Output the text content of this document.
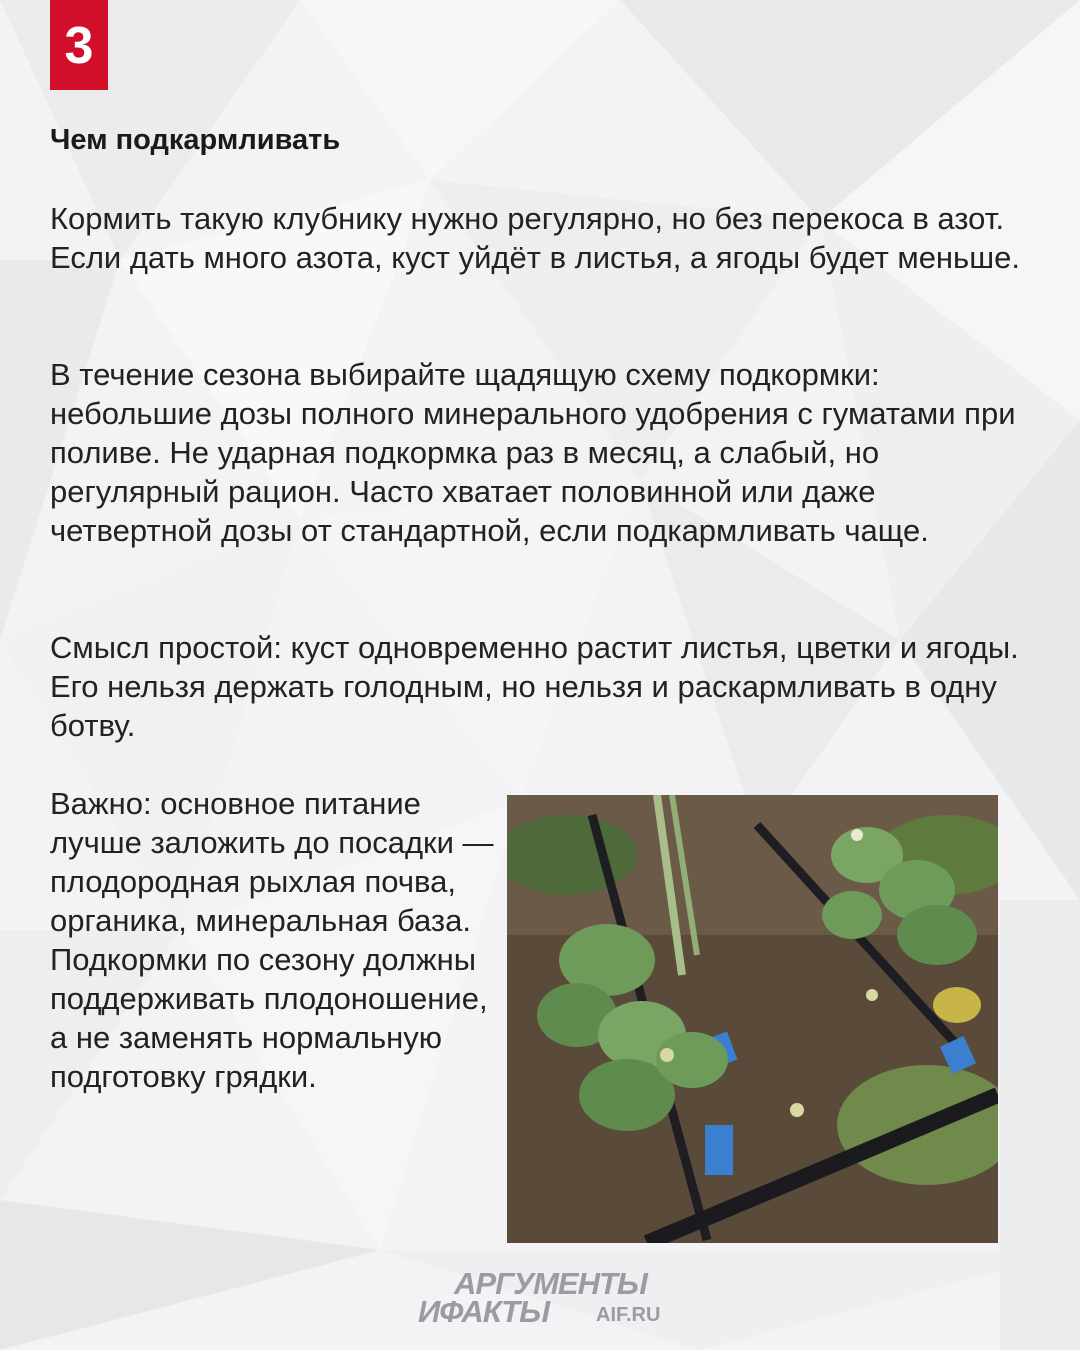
3
Чем подкармливать

Кормить такую клубнику нужно регулярно, но без перекоса в азот. Если дать много азота, куст уйдёт в листья, а ягоды будет меньше.

В течение сезона выбирайте щадящую схему подкормки: небольшие дозы полного минерального удобрения с гуматами при поливе. Не ударная подкормка раз в месяц, а слабый, но регулярный рацион. Часто хватает половинной или даже четвертной дозы от стандартной, если подкармливать чаще.

Смысл простой: куст одновременно растит листья, цветки и ягоды. Его нельзя держать голодным, но нельзя и раскармливать в одну ботву.

Важно: основное питание лучше заложить до посадки — плодородная рыхлая почва, органика, минеральная база. Подкормки по сезону должны поддерживать плодоношение, а не заменять нормальную подготовку грядки.

АРГУМЕНТЫ
ИФАКТЫ AIF.RU
